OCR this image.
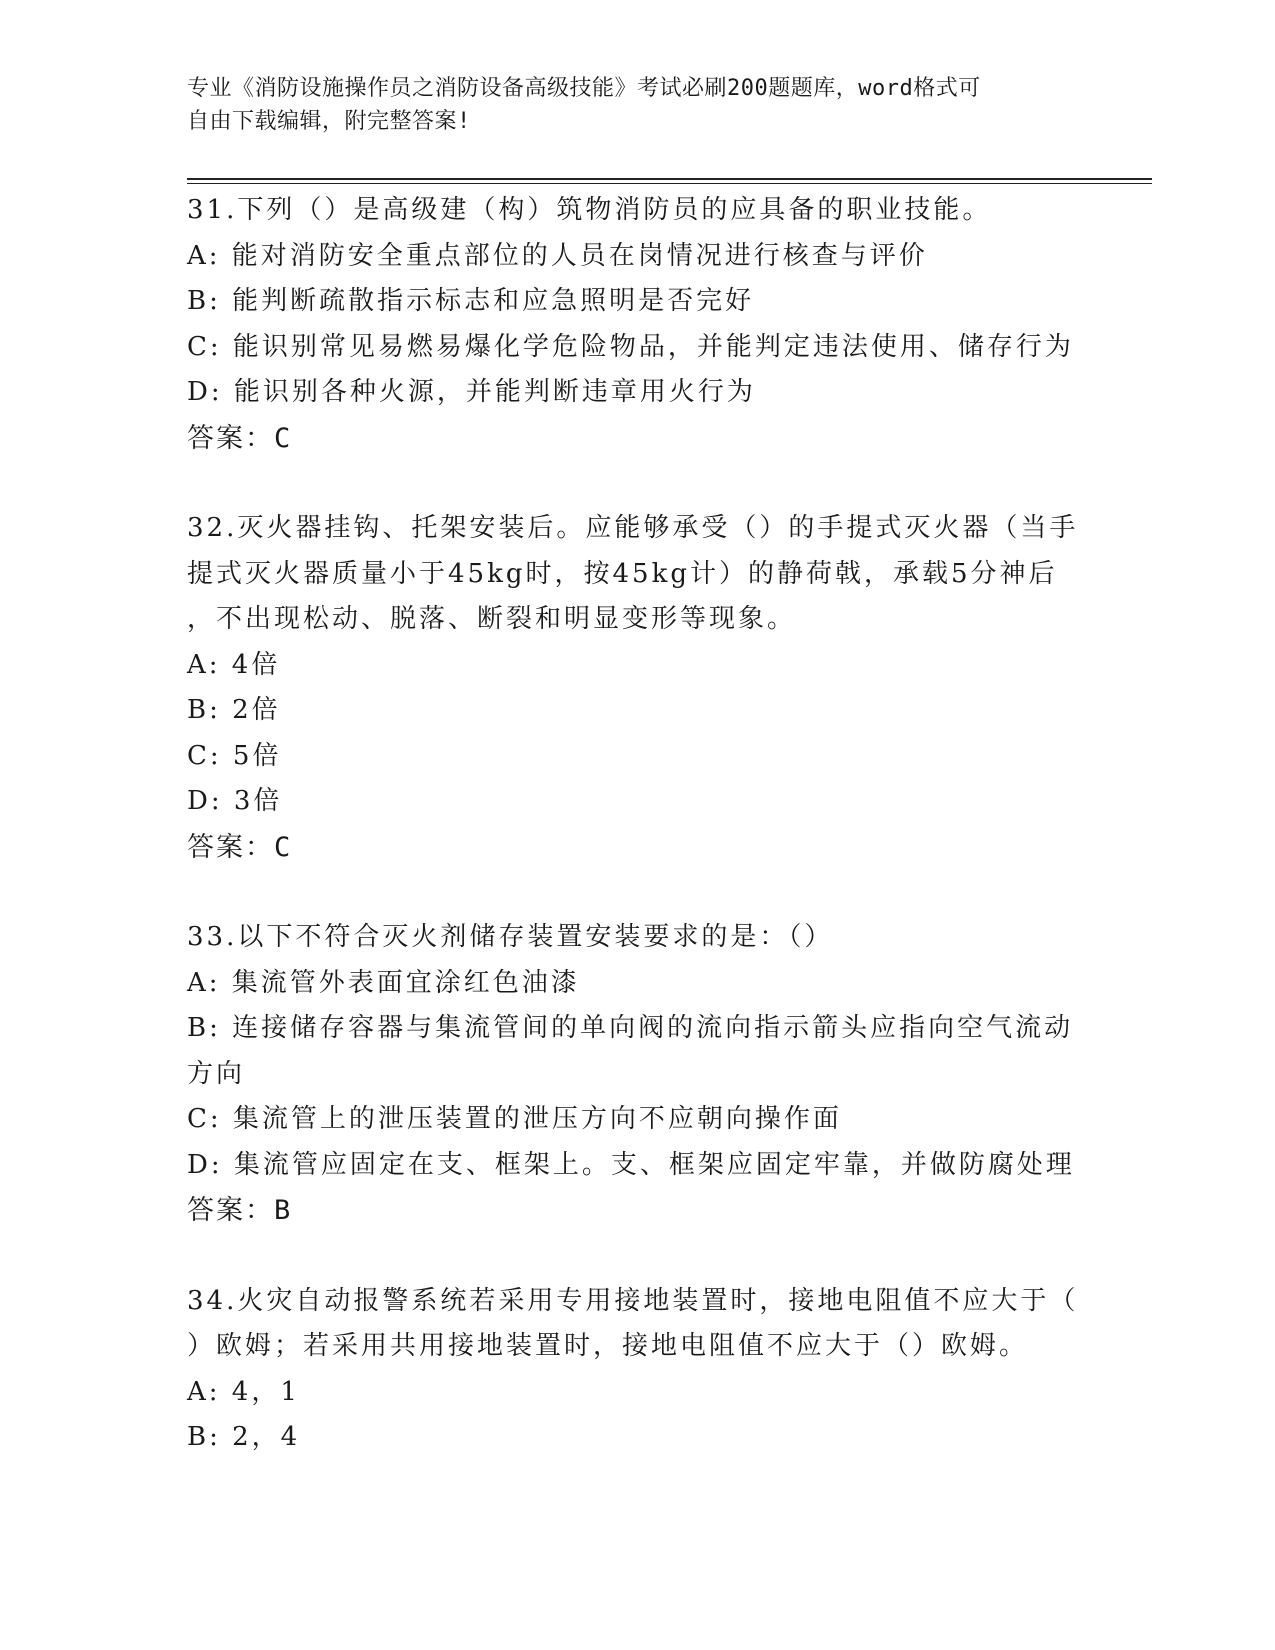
专业《消防设施操作员之消防设备高级技能》考试必刷200题题库，word格式可
自由下载编辑，附完整答案!
31.下列（）是高级建（构）筑物消防员的应具备的职业技能。
A: 能对消防安全重点部位的人员在岗情况进行核查与评价
B: 能判断疏散指示标志和应急照明是否完好
C: 能识别常见易燃易爆化学危险物品，并能判定违法使用、储存行为
D: 能识别各种火源，并能判断违章用火行为
答案：C
32.灭火器挂钩、托架安装后。应能够承受（）的手提式灭火器（当手
提式灭火器质量小于45kg时，按45kg计）的静荷戟，承载5分神后
，不出现松动、脱落、断裂和明显变形等现象。
A: 4倍
B: 2倍
C: 5倍
D: 3倍
答案：C
33.以下不符合灭火剂储存装置安装要求的是：（）
A: 集流管外表面宜涂红色油漆
B: 连接储存容器与集流管间的单向阀的流向指示箭头应指向空气流动
方向
C: 集流管上的泄压装置的泄压方向不应朝向操作面
D: 集流管应固定在支、框架上。支、框架应固定牢靠，并做防腐处理
答案：B
34.火灾自动报警系统若采用专用接地装置时，接地电阻值不应大于（
）欧姆；若采用共用接地装置时，接地电阻值不应大于（）欧姆。
A: 4，1
B: 2，4
